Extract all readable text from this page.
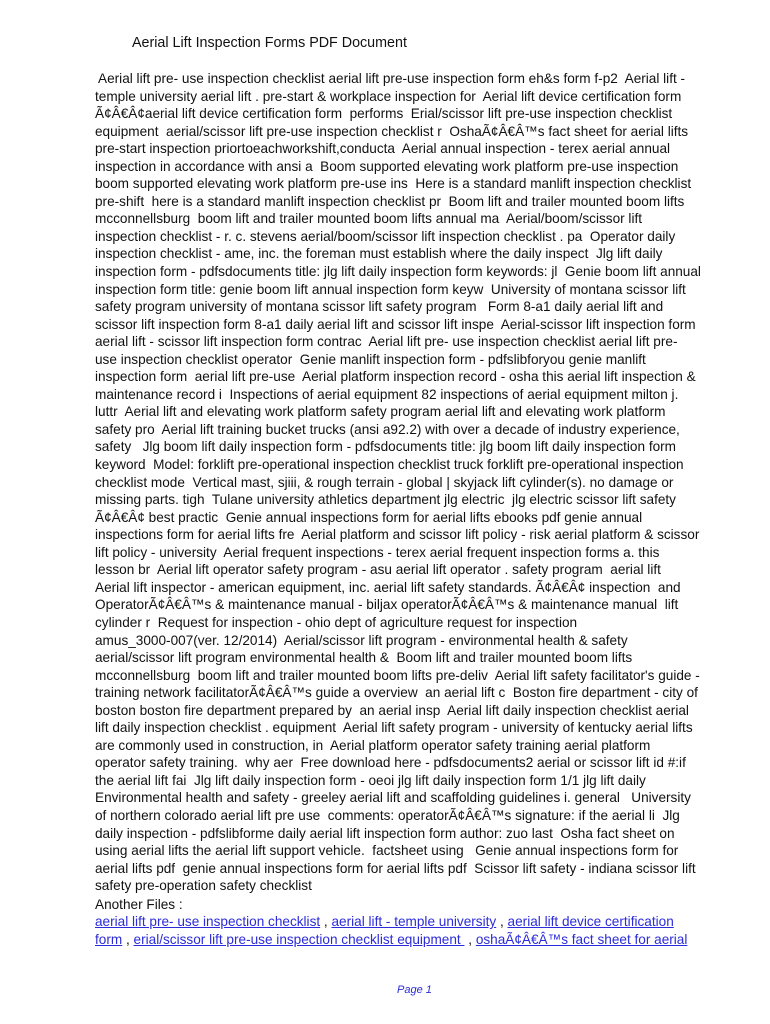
Aerial Lift Inspection Forms PDF Document
Aerial lift pre- use inspection checklist aerial lift pre-use inspection form eh&s form f-p2  Aerial lift -
temple university aerial lift . pre-start & workplace inspection for  Aerial lift device certification form
Ã¢Â€Â¢aerial lift device certification form  performs  Erial/scissor lift pre-use inspection checklist
equipment  aerial/scissor lift pre-use inspection checklist r  OshaÃ¢Â€Â™s fact sheet for aerial lifts
pre-start inspection priortoeachworkshift,conducta  Aerial annual inspection - terex aerial annual
inspection in accordance with ansi a  Boom supported elevating work platform pre-use inspection
boom supported elevating work platform pre-use ins  Here is a standard manlift inspection checklist
pre-shift  here is a standard manlift inspection checklist pr  Boom lift and trailer mounted boom lifts
mcconnellsburg  boom lift and trailer mounted boom lifts annual ma  Aerial/boom/scissor lift
inspection checklist - r. c. stevens aerial/boom/scissor lift inspection checklist . pa  Operator daily
inspection checklist - ame, inc. the foreman must establish where the daily inspect  Jlg lift daily
inspection form - pdfsdocuments title: jlg lift daily inspection form keywords: jl  Genie boom lift annual
inspection form title: genie boom lift annual inspection form keyw  University of montana scissor lift
safety program university of montana scissor lift safety program   Form 8-a1 daily aerial lift and
scissor lift inspection form 8-a1 daily aerial lift and scissor lift inspe  Aerial-scissor lift inspection form
aerial lift - scissor lift inspection form contrac  Aerial lift pre- use inspection checklist aerial lift pre-
use inspection checklist operator  Genie manlift inspection form - pdfslibforyou genie manlift
inspection form  aerial lift pre-use  Aerial platform inspection record - osha this aerial lift inspection &
maintenance record i  Inspections of aerial equipment 82 inspections of aerial equipment milton j.
luttr  Aerial lift and elevating work platform safety program aerial lift and elevating work platform
safety pro  Aerial lift training bucket trucks (ansi a92.2) with over a decade of industry experience,
safety   Jlg boom lift daily inspection form - pdfsdocuments title: jlg boom lift daily inspection form
keyword  Model: forklift pre-operational inspection checklist truck forklift pre-operational inspection
checklist mode  Vertical mast, sjiii, & rough terrain - global | skyjack lift cylinder(s). no damage or
missing parts. tigh  Tulane university athletics department jlg electric  jlg electric scissor lift safety
Ã¢Â€Â¢ best practic  Genie annual inspections form for aerial lifts ebooks pdf genie annual
inspections form for aerial lifts fre  Aerial platform and scissor lift policy - risk aerial platform & scissor
lift policy - university  Aerial frequent inspections - terex aerial frequent inspection forms a. this
lesson br  Aerial lift operator safety program - asu aerial lift operator . safety program  aerial lift
Aerial lift inspector - american equipment, inc. aerial lift safety standards. Ã¢Â€Â¢ inspection  and
OperatorÃ¢Â€Â™s & maintenance manual - biljax operatorÃ¢Â€Â™s & maintenance manual  lift
cylinder r  Request for inspection - ohio dept of agriculture request for inspection
amus_3000-007(ver. 12/2014)  Aerial/scissor lift program - environmental health & safety
aerial/scissor lift program environmental health &  Boom lift and trailer mounted boom lifts
mcconnellsburg  boom lift and trailer mounted boom lifts pre-deliv  Aerial lift safety facilitator's guide -
training network facilitatorÃ¢Â€Â™s guide a overview  an aerial lift c  Boston fire department - city of
boston boston fire department prepared by  an aerial insp  Aerial lift daily inspection checklist aerial
lift daily inspection checklist . equipment  Aerial lift safety program - university of kentucky aerial lifts
are commonly used in construction, in  Aerial platform operator safety training aerial platform
operator safety training.  why aer  Free download here - pdfsdocuments2 aerial or scissor lift id #:if
the aerial lift fai  Jlg lift daily inspection form - oeoi jlg lift daily inspection form 1/1 jlg lift daily
Environmental health and safety - greeley aerial lift and scaffolding guidelines i. general   University
of northern colorado aerial lift pre use  comments: operatorÃ¢Â€Â™s signature: if the aerial li  Jlg
daily inspection - pdfslibforme daily aerial lift inspection form author: zuo last  Osha fact sheet on
using aerial lifts the aerial lift support vehicle.  factsheet using   Genie annual inspections form for
aerial lifts pdf  genie annual inspections form for aerial lifts pdf  Scissor lift safety - indiana scissor lift
safety pre-operation safety checklist
Another Files :
aerial lift pre- use inspection checklist , aerial lift - temple university , aerial lift device certification
form , erial/scissor lift pre-use inspection checklist equipment  , oshaÃ¢Â€Â™s fact sheet for aerial
Page 1
